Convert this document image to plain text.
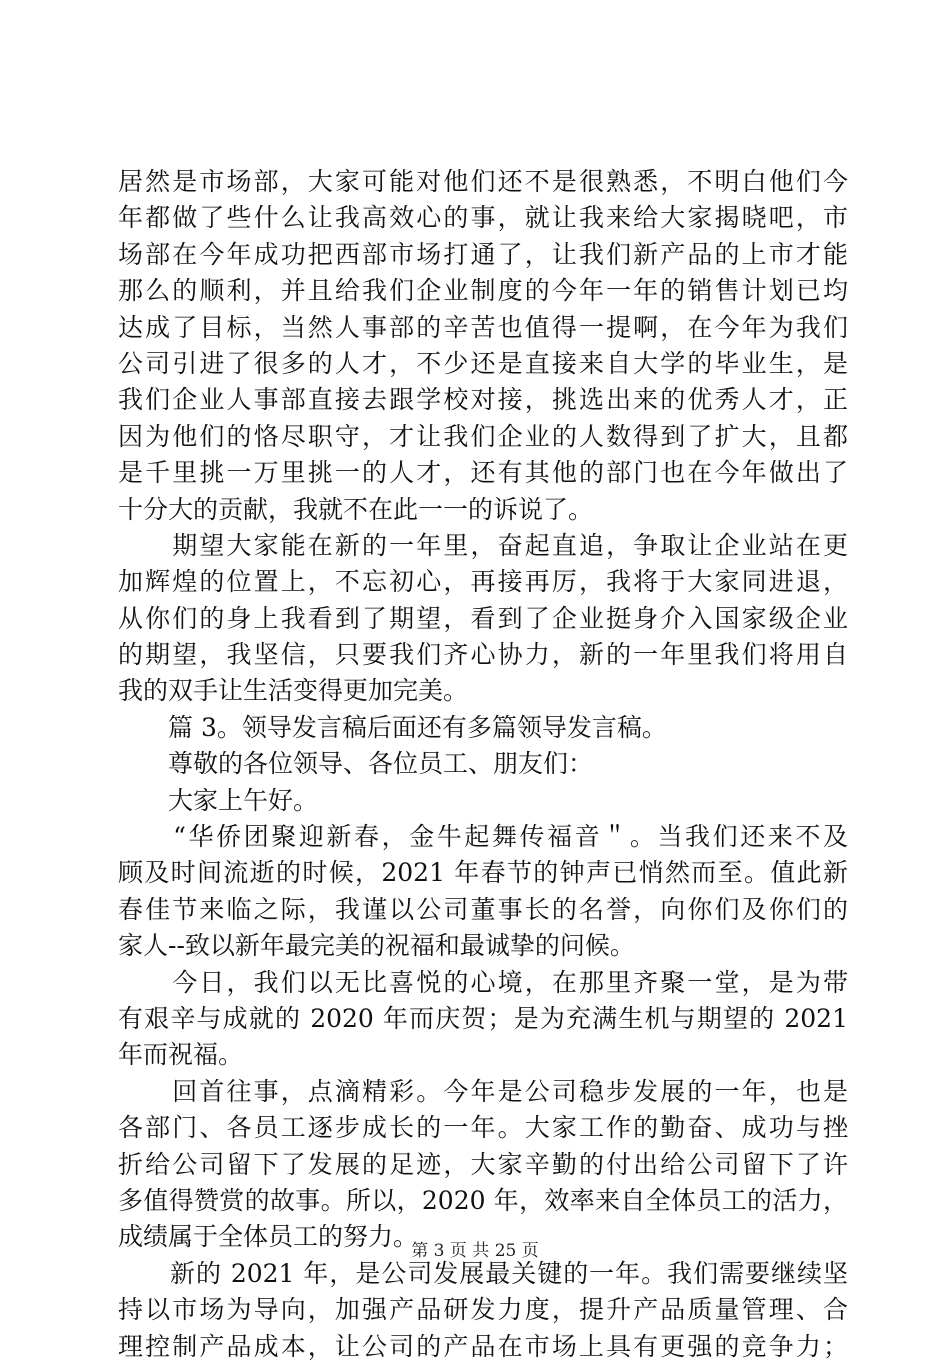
居然是市场部，大家可能对他们还不是很熟悉，不明白他们今
年都做了些什么让我高效心的事，就让我来给大家揭晓吧，市
场部在今年成功把西部市场打通了，让我们新产品的上市才能
那么的顺利，并且给我们企业制度的今年一年的销售计划已均
达成了目标，当然人事部的辛苦也值得一提啊，在今年为我们
公司引进了很多的人才，不少还是直接来自大学的毕业生，是
我们企业人事部直接去跟学校对接，挑选出来的优秀人才，正
因为他们的恪尽职守，才让我们企业的人数得到了扩大，且都
是千里挑一万里挑一的人才，还有其他的部门也在今年做出了
十分大的贡献，我就不在此一一的诉说了。
　　期望大家能在新的一年里，奋起直追，争取让企业站在更
加辉煌的位置上，不忘初心，再接再厉，我将于大家同进退，
从你们的身上我看到了期望，看到了企业挺身介入国家级企业
的期望，我坚信，只要我们齐心协力，新的一年里我们将用自
我的双手让生活变得更加完美。
　　篇 3。领导发言稿后面还有多篇领导发言稿。
　　尊敬的各位领导、各位员工、朋友们：
　　大家上午好。
　　“华侨团聚迎新春，金牛起舞传福音＂。当我们还来不及
顾及时间流逝的时候，2021 年春节的钟声已悄然而至。值此新
春佳节来临之际，我谨以公司董事长的名誉，向你们及你们的
家人--致以新年最完美的祝福和最诚挚的问候。
　　今日，我们以无比喜悦的心境，在那里齐聚一堂，是为带
有艰辛与成就的 2020 年而庆贺；是为充满生机与期望的 2021
年而祝福。
　　回首往事，点滴精彩。今年是公司稳步发展的一年，也是
各部门、各员工逐步成长的一年。大家工作的勤奋、成功与挫
折给公司留下了发展的足迹，大家辛勤的付出给公司留下了许
多值得赞赏的故事。所以，2020 年，效率来自全体员工的活力，
成绩属于全体员工的努力。
　　新的 2021 年，是公司发展最关键的一年。我们需要继续坚
持以市场为导向，加强产品研发力度，提升产品质量管理、合
理控制产品成本，让公司的产品在市场上具有更强的竞争力；
第 3 页 共 25 页
